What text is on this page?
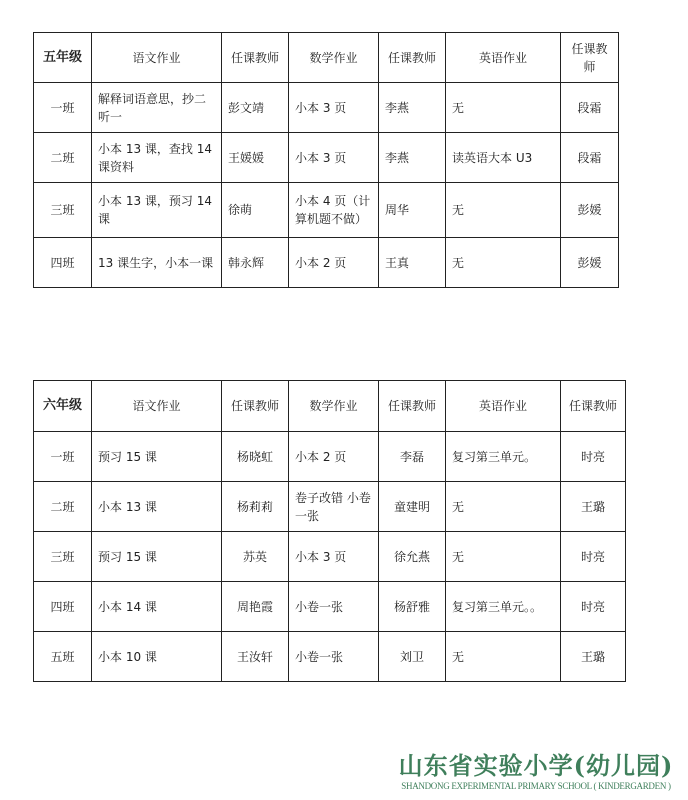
五年级	语文作业	任课教师	数学作业	任课教师	英语作业	任课教师
一班	解释词语意思，抄二听一	彭文靖	小本 3 页	李燕	无	段霜
二班	小本 13 课，查找 14 课资料	王媛媛	小本 3 页	李燕	读英语大本 U3	段霜
三班	小本 13 课，预习 14 课	徐萌	小本 4 页（计算机题不做）	周华	无	彭媛
四班	13 课生字，小本一课	韩永辉	小本 2 页	王真	无	彭媛
六年级	语文作业	任课教师	数学作业	任课教师	英语作业	任课教师
一班	预习 15 课	杨晓虹	小本 2 页	李磊	复习第三单元。	时亮
二班	小本 13 课	杨莉莉	卷子改错 小卷一张	童建明	无	王璐
三班	预习 15 课	苏英	小本 3 页	徐允燕	无	时亮
四班	小本 14 课	周艳霞	小卷一张	杨舒雅	复习第三单元。。	时亮
五班	小本 10 课	王汝轩	小卷一张	刘卫	无	王璐
山东省实验小学(幼儿园)
SHANDONG EXPERIMENTAL PRIMARY SCHOOL ( KINDERGARDEN )
